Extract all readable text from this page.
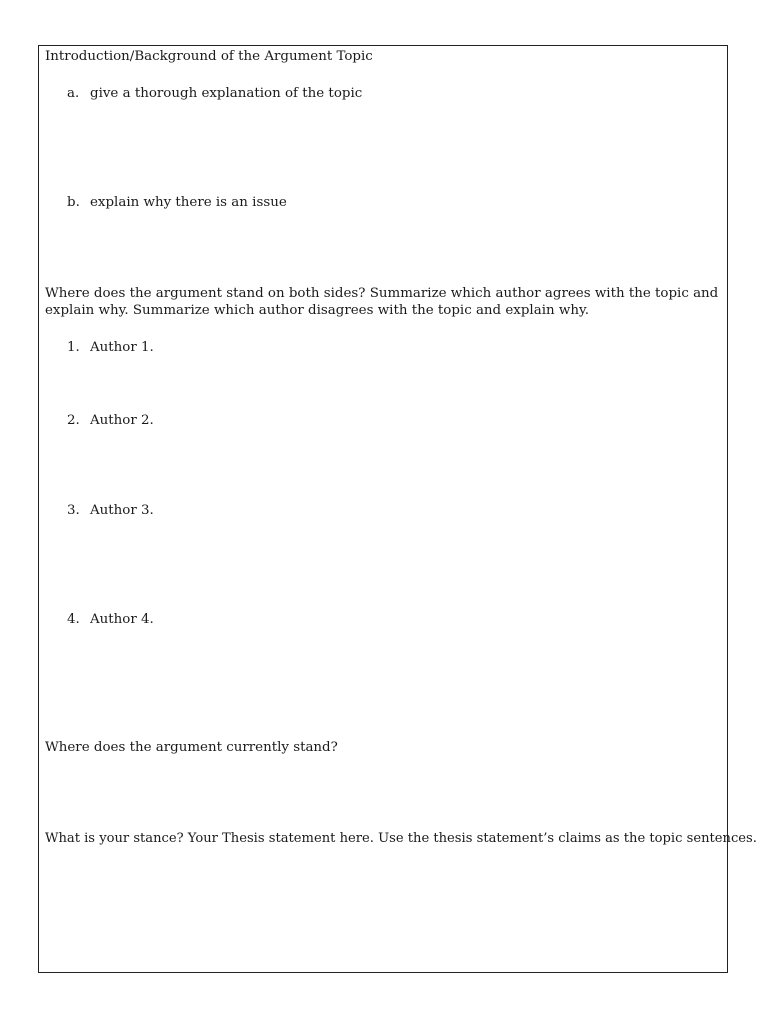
Introduction/Background of the Argument Topic
a. give a thorough explanation of the topic
b. explain why there is an issue
Where does the argument stand on both sides? Summarize which author agrees with the topic and
explain why. Summarize which author disagrees with the topic and explain why.
1. Author 1.
2. Author 2.
3. Author 3.
4. Author 4.
Where does the argument currently stand?
What is your stance? Your Thesis statement here. Use the thesis statement’s claims as the topic sentences.
